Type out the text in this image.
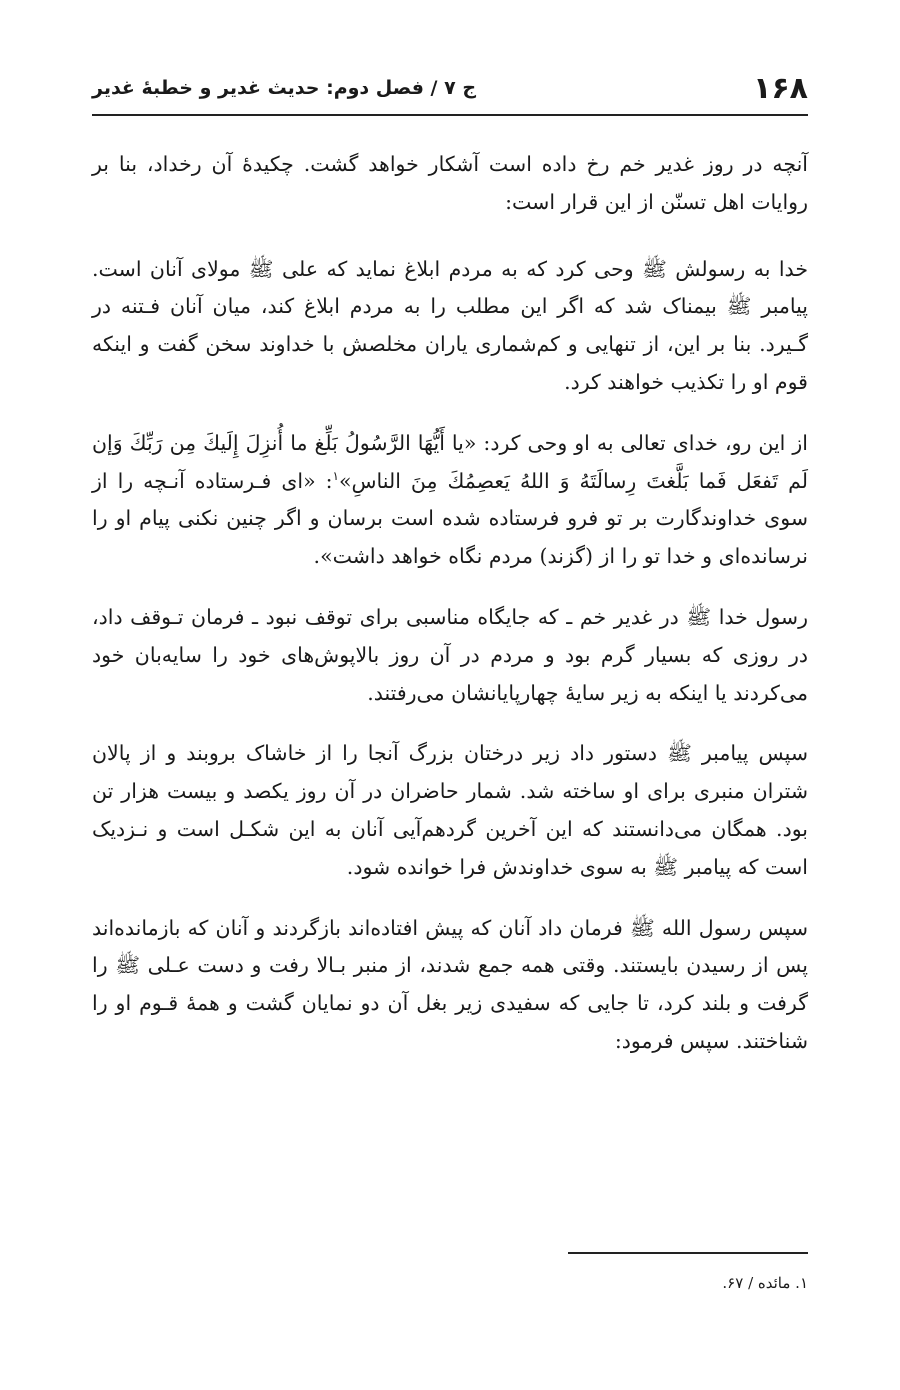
۱۶۸
ج ۷ / فصل دوم: حدیث غدیر و خطبهٔ غدیر

آنچه در روز غدیر خم رخ داده است آشکار خواهد گشت. چکیدهٔ آن رخداد، بنا بر روایات اهل تسنّن از این قرار است:

خدا به رسولش ﷺ وحی کرد که به مردم ابلاغ نماید که علی ﷺ مولای آنان است. پیامبر ﷺ بیمناک شد که اگر این مطلب را به مردم ابلاغ کند، میان آنان فـتنه در گـیرد. بنا بر این، از تنهایی و کم‌شماری یاران مخلصش با خداوند سخن گفت و اینکه قوم او را تکذیب خواهند کرد.

از این رو، خدای تعالی به او وحی کرد: «یا أَیُّهَا الرَّسُولُ بَلِّغ ما أُنزِلَ إِلَیكَ مِن رَبِّكَ وَإن لَم تَفعَل فَما بَلَّغتَ رِسالَتَهُ وَ اللهُ یَعصِمُكَ مِنَ الناسِ»$^۱$: «ای فـرستاده آنـچه را از سوی خداوندگارت بر تو فرو فرستاده شده است برسان و اگر چنین نکنی پیام او را نرسانده‌ای و خدا تو را از (گزند) مردم نگاه خواهد داشت».

رسول خدا ﷺ در غدیر خم ـ که جایگاه مناسبی برای توقف نبود ـ فرمان تـوقف داد، در روزی که بسیار گرم بود و مردم در آن روز بالاپوش‌های خود را سایه‌بان خود می‌کردند یا اینکه به زیر سایهٔ چهارپایانشان می‌رفتند.

سپس پیامبر ﷺ دستور داد زیر درختان بزرگ آنجا را از خاشاک بروبند و از پالان شتران منبری برای او ساخته شد. شمار حاضران در آن روز یکصد و بیست هزار تن بود. همگان می‌دانستند که این آخرین گردهم‌آیی آنان به این شکـل است و نـزدیک است که پیامبر ﷺ به سوی خداوندش فرا خوانده شود.

سپس رسول الله ﷺ فرمان داد آنان که پیش افتاده‌اند بازگردند و آنان که بازمانده‌اند پس از رسیدن بایستند. وقتی همه جمع شدند، از منبر بـالا رفت و دست عـلی ﷺ را گرفت و بلند کرد، تا جایی که سفیدی زیر بغل آن دو نمایان گشت و همهٔ قـوم او را شناختند. سپس فرمود:

۱. مائده / ۶۷.
